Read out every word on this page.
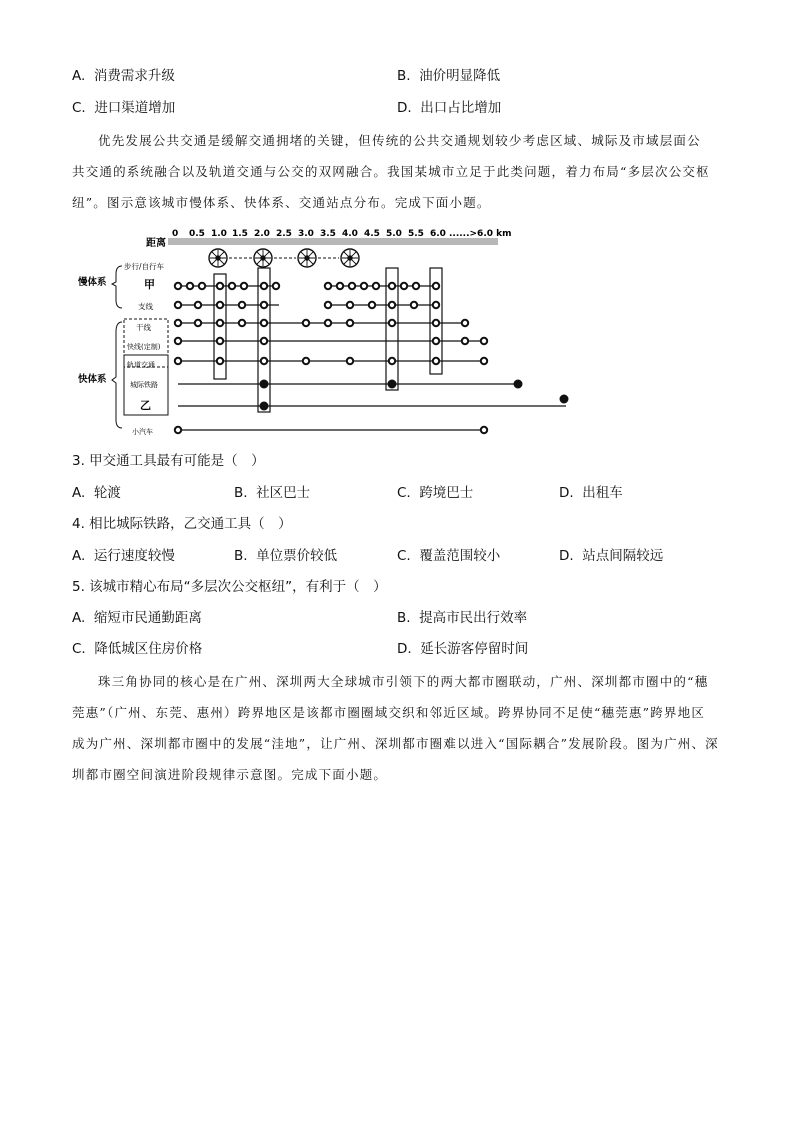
A. 消费需求升级	B. 油价明显降低
C. 进口渠道增加	D. 出口占比增加
优先发展公共交通是缓解交通拥堵的关键，但传统的公共交通规划较少考虑区域、城际及市域层面公
共交通的系统融合以及轨道交通与公交的双网融合。我国某城市立足于此类问题，着力布局“多层次公交枢
纽”。图示意该城市慢体系、快体系、交通站点分布。完成下面小题。
距离
0 0.5 1.0 1.5 2.0 2.5 3.0 3.5 4.0 4.5 5.0 5.5 6.0 ......>6.0 km
步行/自行车
甲
支线
慢体系
干线
快线(定制)
轨道交通
城际铁路
乙
快体系
小汽车
3. 甲交通工具最有可能是（　）
A. 轮渡	B. 社区巴士	C. 跨境巴士	D. 出租车
4. 相比城际铁路，乙交通工具（　）
A. 运行速度较慢	B. 单位票价较低	C. 覆盖范围较小	D. 站点间隔较远
5. 该城市精心布局“多层次公交枢纽”，有利于（　）
A. 缩短市民通勤距离	B. 提高市民出行效率
C. 降低城区住房价格	D. 延长游客停留时间
珠三角协同的核心是在广州、深圳两大全球城市引领下的两大都市圈联动，广州、深圳都市圈中的“穗
莞惠”（广州、东莞、惠州）跨界地区是该都市圈圈域交织和邻近区域。跨界协同不足使“穗莞惠”跨界地区
成为广州、深圳都市圈中的发展“洼地”，让广州、深圳都市圈难以进入“国际耦合”发展阶段。图为广州、深
圳都市圈空间演进阶段规律示意图。完成下面小题。
